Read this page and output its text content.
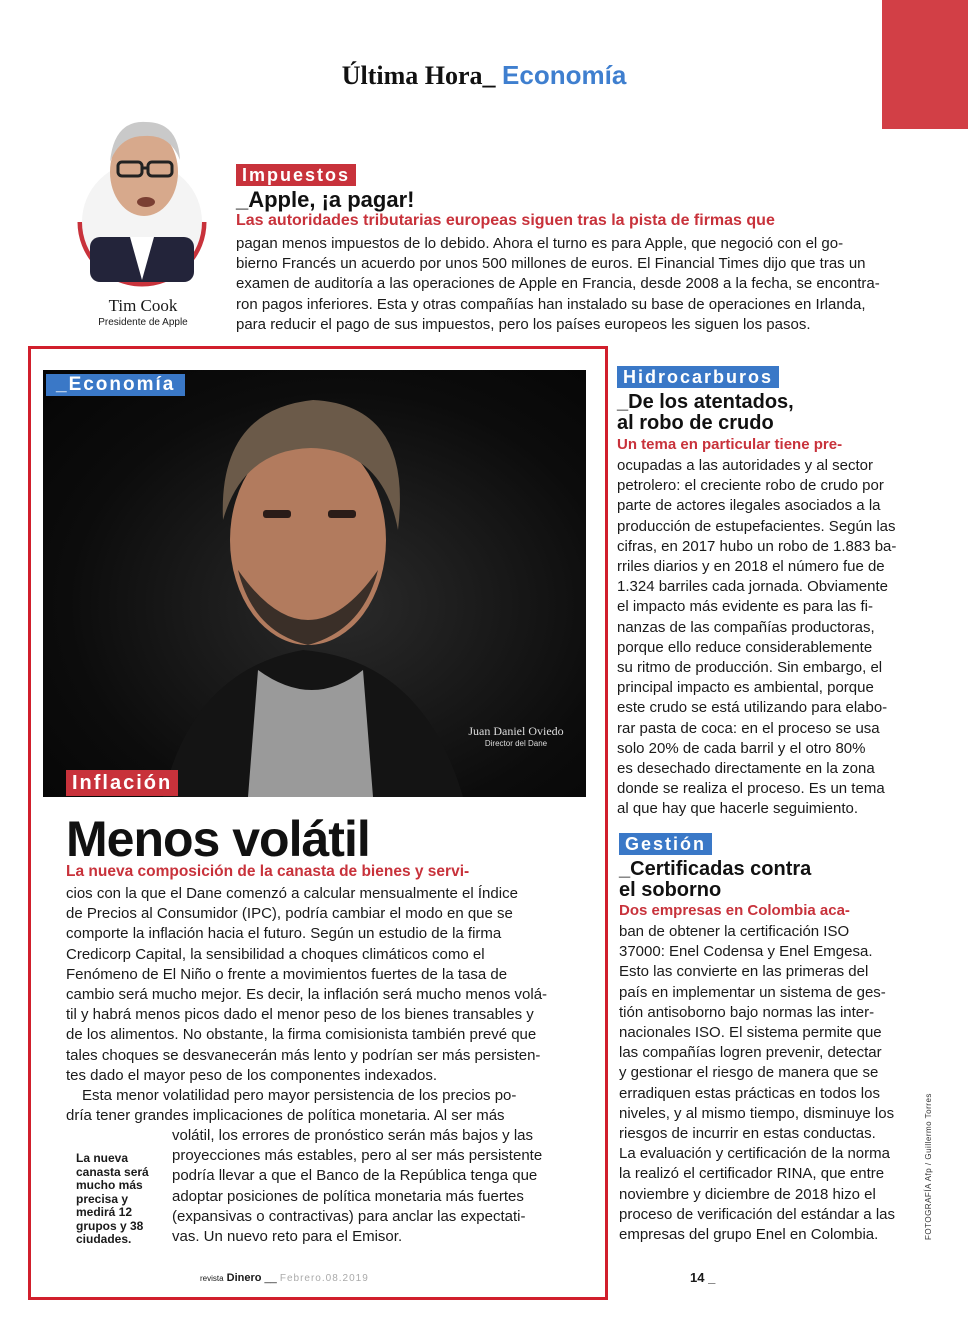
Última Hora_ Economía
Tim Cook
Presidente de Apple
Impuestos
_Apple, ¡a pagar!
Las autoridades tributarias europeas siguen tras la pista de firmas que
pagan menos impuestos de lo debido. Ahora el turno es para Apple, que negoció con el go-
bierno Francés un acuerdo por unos 500 millones de euros. El Financial Times dijo que tras un
examen de auditoría a las operaciones de Apple en Francia, desde 2008 a la fecha, se encontra-
ron pagos inferiores. Esta y otras compañías han instalado su base de operaciones en Irlanda,
para reducir el pago de sus impuestos, pero los países europeos les siguen los pasos.
_Economía
Juan Daniel Oviedo
Director del Dane
Inflación
Menos volátil
La nueva composición de la canasta de bienes y servi-
cios con la que el Dane comenzó a calcular mensualmente el Índice
de Precios al Consumidor (IPC), podría cambiar el modo en que se
comporte la inflación hacia el futuro. Según un estudio de la firma
Credicorp Capital, la sensibilidad a choques climáticos como el
Fenómeno de El Niño o frente a movimientos fuertes de la tasa de
cambio será mucho mejor. Es decir, la inflación será mucho menos volá-
til y habrá menos picos dado el menor peso de los bienes transables y
de los alimentos. No obstante, la firma comisionista también prevé que
tales choques se desvanecerán más lento y podrían ser más persisten-
tes dado el mayor peso de los componentes indexados.
Esta menor volatilidad pero mayor persistencia de los precios po-
dría tener grandes implicaciones de política monetaria. Al ser más
volátil, los errores de pronóstico serán más bajos y las
proyecciones más estables, pero al ser más persistente
podría llevar a que el Banco de la República tenga que
adoptar posiciones de política monetaria más fuertes
(expansivas o contractivas) para anclar las expectati-
vas. Un nuevo reto para el Emisor.
La nueva
canasta será
mucho más
precisa y
medirá 12
grupos y 38
ciudades.
revista Dinero __ Febrero.08.2019
Hidrocarburos
_De los atentados,
al robo de crudo
Un tema en particular tiene pre-
ocupadas a las autoridades y al sector
petrolero: el creciente robo de crudo por
parte de actores ilegales asociados a la
producción de estupefacientes. Según las
cifras, en 2017 hubo un robo de 1.883 ba-
rriles diarios y en 2018 el número fue de
1.324 barriles cada jornada. Obviamente
el impacto más evidente es para las fi-
nanzas de las compañías productoras,
porque ello reduce considerablemente
su ritmo de producción. Sin embargo, el
principal impacto es ambiental, porque
este crudo se está utilizando para elabo-
rar pasta de coca: en el proceso se usa
solo 20% de cada barril y el otro 80%
es desechado directamente en la zona
donde se realiza el proceso. Es un tema
al que hay que hacerle seguimiento.
Gestión
_Certificadas contra
el soborno
Dos empresas en Colombia aca-
ban de obtener la certificación ISO
37000: Enel Codensa y Enel Emgesa.
Esto las convierte en las primeras del
país en implementar un sistema de ges-
tión antisoborno bajo normas las inter-
nacionales ISO. El sistema permite que
las compañías logren prevenir, detectar
y gestionar el riesgo de manera que se
erradiquen estas prácticas en todos los
niveles, y al mismo tiempo, disminuye los
riesgos de incurrir en estas conductas.
La evaluación y certificación de la norma
la realizó el certificador RINA, que entre
noviembre y diciembre de 2018 hizo el
proceso de verificación del estándar a las
empresas del grupo Enel en Colombia.
14 _
FOTOGRAFÍA Afp / Guillermo Torres
